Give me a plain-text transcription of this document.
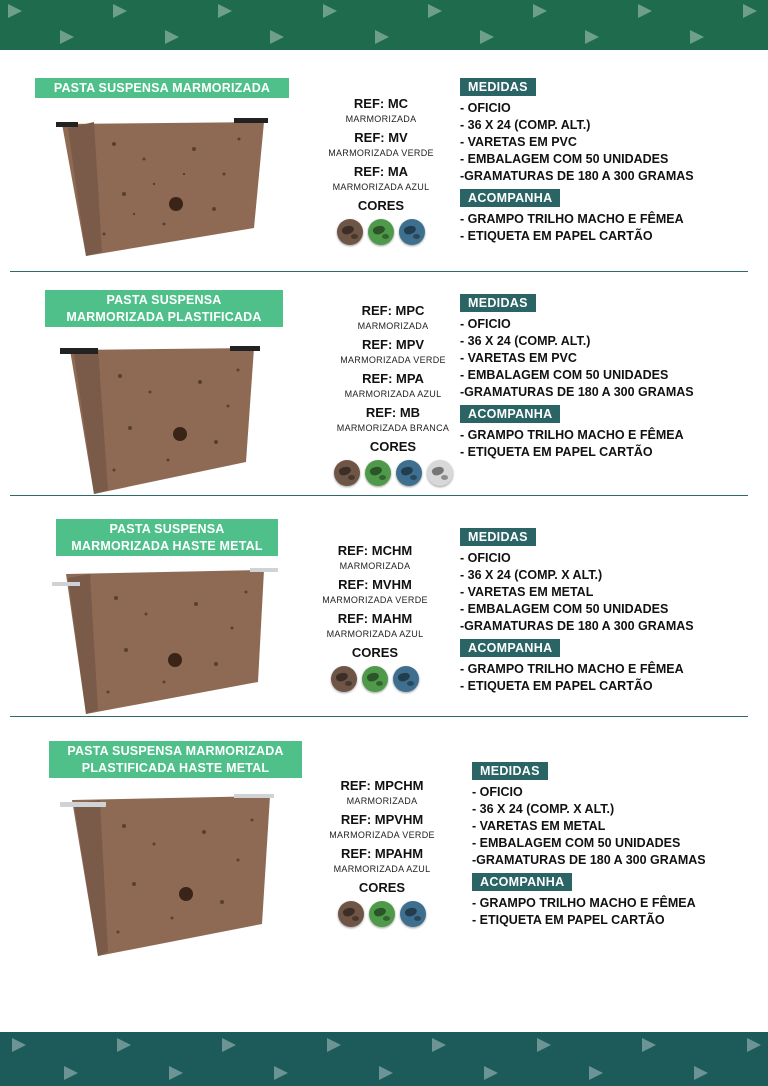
PASTA SUSPENSA MARMORIZADA
REF: MC
MARMORIZADA
REF: MV
MARMORIZADA VERDE
REF: MA
MARMORIZADA AZUL
CORES
MEDIDAS
- OFICIO
- 36 X 24 (COMP. ALT.)
- VARETAS EM PVC
- EMBALAGEM COM 50 UNIDADES
-GRAMATURAS DE 180 A 300 GRAMAS
ACOMPANHA
- GRAMPO TRILHO MACHO E FÊMEA
- ETIQUETA EM PAPEL CARTÃO
PASTA SUSPENSA
MARMORIZADA PLASTIFICADA	REF: MPC
MARMORIZADA
REF: MPV
MARMORIZADA VERDE
REF: MPA
MARMORIZADA AZUL
REF: MB
MARMORIZADA BRANCA
CORES
MEDIDAS
- OFICIO
- 36 X 24 (COMP. ALT.)
- VARETAS EM PVC
- EMBALAGEM COM 50 UNIDADES
-GRAMATURAS DE 180 A 300 GRAMAS
ACOMPANHA
- GRAMPO TRILHO MACHO E FÊMEA
- ETIQUETA EM PAPEL CARTÃO
PASTA SUSPENSA
MARMORIZADA HASTE METAL	REF: MCHM
MARMORIZADA
REF: MVHM
MARMORIZADA VERDE
REF: MAHM
MARMORIZADA AZUL
CORES
MEDIDAS
- OFICIO
- 36 X 24 (COMP. X ALT.)
- VARETAS EM METAL
- EMBALAGEM COM 50 UNIDADES
-GRAMATURAS DE 180 A 300 GRAMAS
ACOMPANHA
- GRAMPO TRILHO MACHO E FÊMEA
- ETIQUETA EM PAPEL CARTÃO
PASTA SUSPENSA MARMORIZADA
PLASTIFICADA HASTE METAL
REF: MPCHM
MARMORIZADA
REF: MPVHM
MARMORIZADA VERDE
REF: MPAHM
MARMORIZADA AZUL
CORES
MEDIDAS
- OFICIO
- 36 X 24 (COMP. X ALT.)
- VARETAS EM METAL
- EMBALAGEM COM 50 UNIDADES
-GRAMATURAS DE 180 A 300 GRAMAS
ACOMPANHA
- GRAMPO TRILHO MACHO E FÊMEA
- ETIQUETA EM PAPEL CARTÃO
